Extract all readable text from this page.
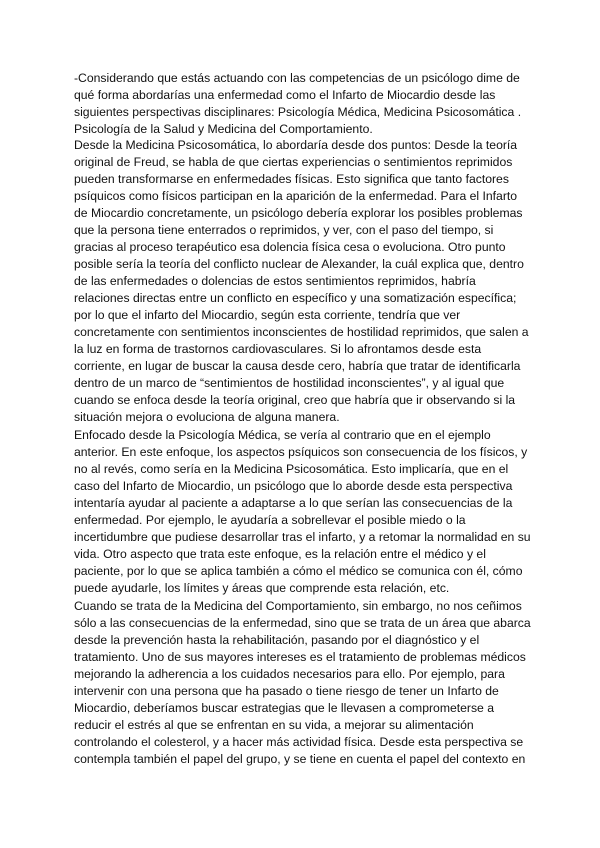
-Considerando que estás actuando con las competencias de un psicólogo dime de
qué forma abordarías una enfermedad como el Infarto de Miocardio desde las
siguientes perspectivas disciplinares: Psicología Médica, Medicina Psicosomática .
Psicología de la Salud y Medicina del Comportamiento.
Desde la Medicina Psicosomática, lo abordaría desde dos puntos: Desde la teoría
original de Freud, se habla de que ciertas experiencias o sentimientos reprimidos
pueden transformarse en enfermedades físicas. Esto significa que tanto factores
psíquicos como físicos participan en la aparición de la enfermedad. Para el Infarto
de Miocardio concretamente, un psicólogo debería explorar los posibles problemas
que la persona tiene enterrados o reprimidos, y ver, con el paso del tiempo, si
gracias al proceso terapéutico esa dolencia física cesa o evoluciona. Otro punto
posible sería la teoría del conflicto nuclear de Alexander, la cuál explica que, dentro
de las enfermedades o dolencias de estos sentimientos reprimidos, habría
relaciones directas entre un conflicto en específico y una somatización específica;
por lo que el infarto del Miocardio, según esta corriente, tendría que ver
concretamente con sentimientos inconscientes de hostilidad reprimidos, que salen a
la luz en forma de trastornos cardiovasculares. Si lo afrontamos desde esta
corriente, en lugar de buscar la causa desde cero, habría que tratar de identificarla
dentro de un marco de “sentimientos de hostilidad inconscientes”, y al igual que
cuando se enfoca desde la teoría original, creo que habría que ir observando si la
situación mejora o evoluciona de alguna manera.
Enfocado desde la Psicología Médica, se vería al contrario que en el ejemplo
anterior. En este enfoque, los aspectos psíquicos son consecuencia de los físicos, y
no al revés, como sería en la Medicina Psicosomática. Esto implicaría, que en el
caso del Infarto de Miocardio, un psicólogo que lo aborde desde esta perspectiva
intentaría ayudar al paciente a adaptarse a lo que serían las consecuencias de la
enfermedad. Por ejemplo, le ayudaría a sobrellevar el posible miedo o la
incertidumbre que pudiese desarrollar tras el infarto, y a retomar la normalidad en su
vida. Otro aspecto que trata este enfoque, es la relación entre el médico y el
paciente, por lo que se aplica también a cómo el médico se comunica con él, cómo
puede ayudarle, los límites y áreas que comprende esta relación, etc.
Cuando se trata de la Medicina del Comportamiento, sin embargo, no nos ceñimos
sólo a las consecuencias de la enfermedad, sino que se trata de un área que abarca
desde la prevención hasta la rehabilitación, pasando por el diagnóstico y el
tratamiento. Uno de sus mayores intereses es el tratamiento de problemas médicos
mejorando la adherencia a los cuidados necesarios para ello. Por ejemplo, para
intervenir con una persona que ha pasado o tiene riesgo de tener un Infarto de
Miocardio, deberíamos buscar estrategias que le llevasen a comprometerse a
reducir el estrés al que se enfrentan en su vida, a mejorar su alimentación
controlando el colesterol, y a hacer más actividad física. Desde esta perspectiva se
contempla también el papel del grupo, y se tiene en cuenta el papel del contexto en
